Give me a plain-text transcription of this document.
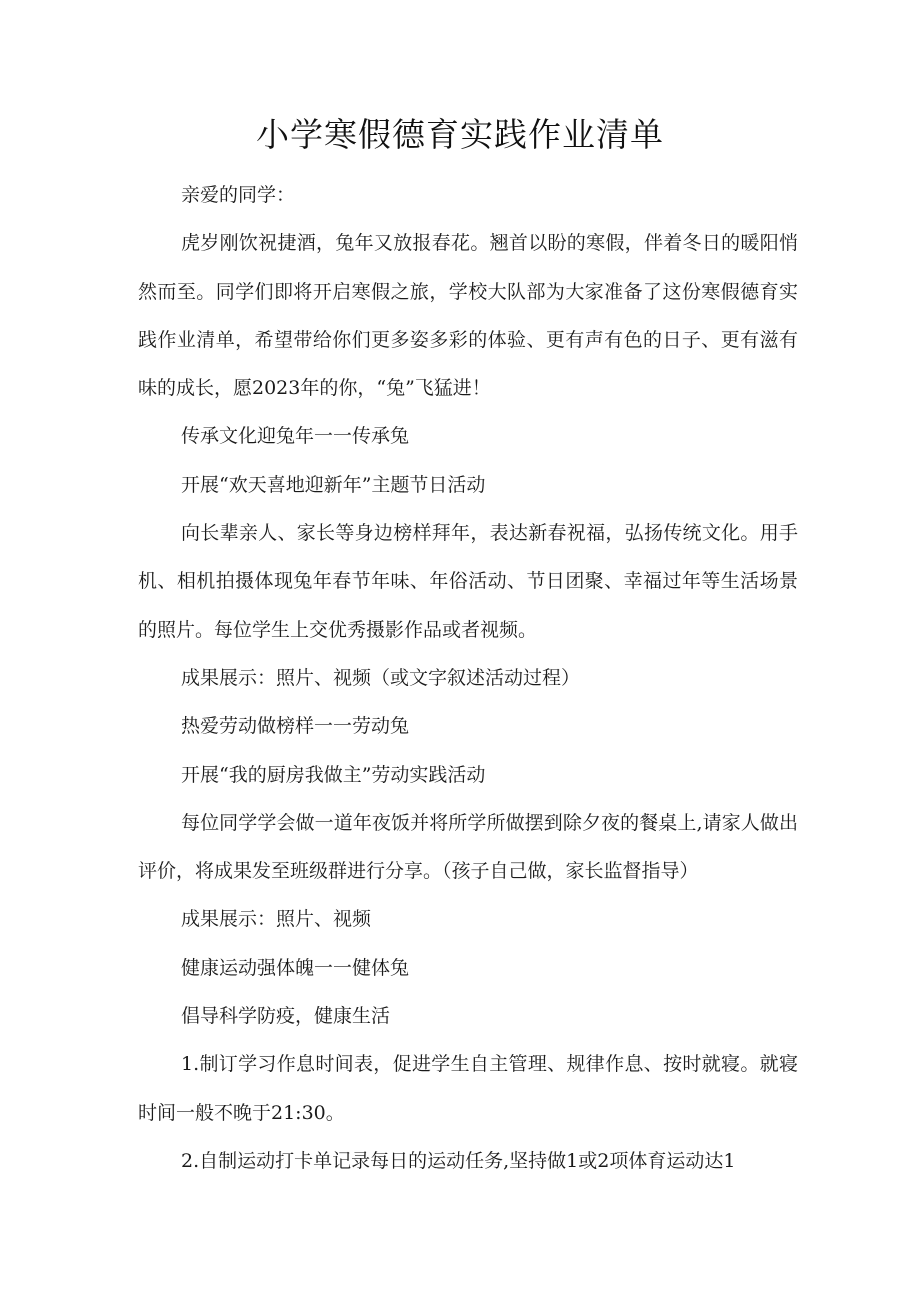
小学寒假德育实践作业清单

亲爱的同学：

虎岁刚饮祝捷酒，兔年又放报春花。翘首以盼的寒假，伴着冬日的暖阳悄然而至。同学们即将开启寒假之旅，学校大队部为大家准备了这份寒假德育实践作业清单，希望带给你们更多姿多彩的体验、更有声有色的日子、更有滋有味的成长，愿2023年的你，“兔”飞猛进！

传承文化迎兔年一一传承兔

开展“欢天喜地迎新年”主题节日活动

向长辈亲人、家长等身边榜样拜年，表达新春祝福，弘扬传统文化。用手机、相机拍摄体现兔年春节年味、年俗活动、节日团聚、幸福过年等生活场景的照片。每位学生上交优秀摄影作品或者视频。

成果展示：照片、视频（或文字叙述活动过程）

热爱劳动做榜样一一劳动兔

开展“我的厨房我做主”劳动实践活动

每位同学学会做一道年夜饭并将所学所做摆到除夕夜的餐桌上,请家人做出评价，将成果发至班级群进行分享。（孩子自己做，家长监督指导）

成果展示：照片、视频

健康运动强体魄一一健体兔

倡导科学防疫，健康生活

1.制订学习作息时间表，促进学生自主管理、规律作息、按时就寝。就寝时间一般不晚于21:30。

2.自制运动打卡单记录每日的运动任务,坚持做1或2项体育运动达1
